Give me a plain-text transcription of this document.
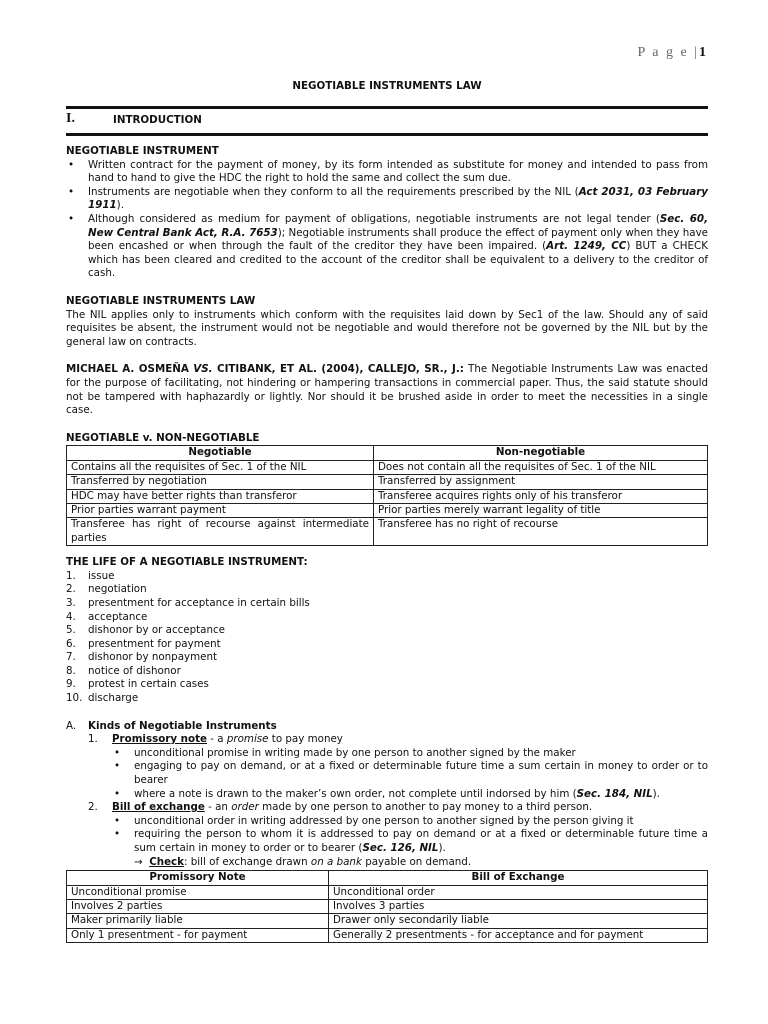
P a g e |1
NEGOTIABLE INSTRUMENTS LAW
I.	INTRODUCTION
NEGOTIABLE INSTRUMENT
• Written contract for the payment of money, by its form intended as substitute for money and intended to pass from hand to hand to give the HDC the right to hold the same and collect the sum due.
• Instruments are negotiable when they conform to all the requirements prescribed by the NIL (Act 2031, 03 February 1911).
• Although considered as medium for payment of obligations, negotiable instruments are not legal tender (Sec. 60, New Central Bank Act, R.A. 7653); Negotiable instruments shall produce the effect of payment only when they have been encashed or when through the fault of the creditor they have been impaired. (Art. 1249, CC) BUT a CHECK which has been cleared and credited to the account of the creditor shall be equivalent to a delivery to the creditor of cash.
NEGOTIABLE INSTRUMENTS LAW

The NIL applies only to instruments which conform with the requisites laid down by Sec1 of the law. Should any of said requisites be absent, the instrument would not be negotiable and would therefore not be governed by the NIL but by the general law on contracts.

MICHAEL A. OSMEÑA VS. CITIBANK, ET AL. (2004), CALLEJO, SR., J.: The Negotiable Instruments Law was enacted for the purpose of facilitating, not hindering or hampering transactions in commercial paper. Thus, the said statute should not be tampered with haphazardly or lightly. Nor should it be brushed aside in order to meet the necessities in a single case.

NEGOTIABLE v. NON-NEGOTIABLE
Negotiable	Non-negotiable
Contains all the requisites of Sec. 1 of the NIL	Does not contain all the requisites of Sec. 1 of the NIL
Transferred by negotiation	Transferred by assignment
HDC may have better rights than transferor	Transferee acquires rights only of his transferor
Prior parties warrant payment	Prior parties merely warrant legality of title
Transferee has right of recourse against intermediate parties	Transferee has no right of recourse
THE LIFE OF A NEGOTIABLE INSTRUMENT:
1. issue
2. negotiation
3. presentment for acceptance in certain bills
4. acceptance
5. dishonor by or acceptance
6. presentment for payment
7. dishonor by nonpayment
8. notice of dishonor
9. protest in certain cases
10. discharge
A. Kinds of Negotiable Instruments
1. Promissory note - a promise to pay money
• unconditional promise in writing made by one person to another signed by the maker
• engaging to pay on demand, or at a fixed or determinable future time a sum certain in money to order or to bearer
• where a note is drawn to the maker’s own order, not complete until indorsed by him (Sec. 184, NIL).
2. Bill of exchange - an order made by one person to another to pay money to a third person.
• unconditional order in writing addressed by one person to another signed by the person giving it
• requiring the person to whom it is addressed to pay on demand or at a fixed or determinable future time a sum certain in money to order or to bearer (Sec. 126, NIL).
→ Check: bill of exchange drawn on a bank payable on demand.
Promissory Note	Bill of Exchange
Unconditional promise	Unconditional order
Involves 2 parties	Involves 3 parties
Maker primarily liable	Drawer only secondarily liable
Only 1 presentment - for payment	Generally 2 presentments - for acceptance and for payment
